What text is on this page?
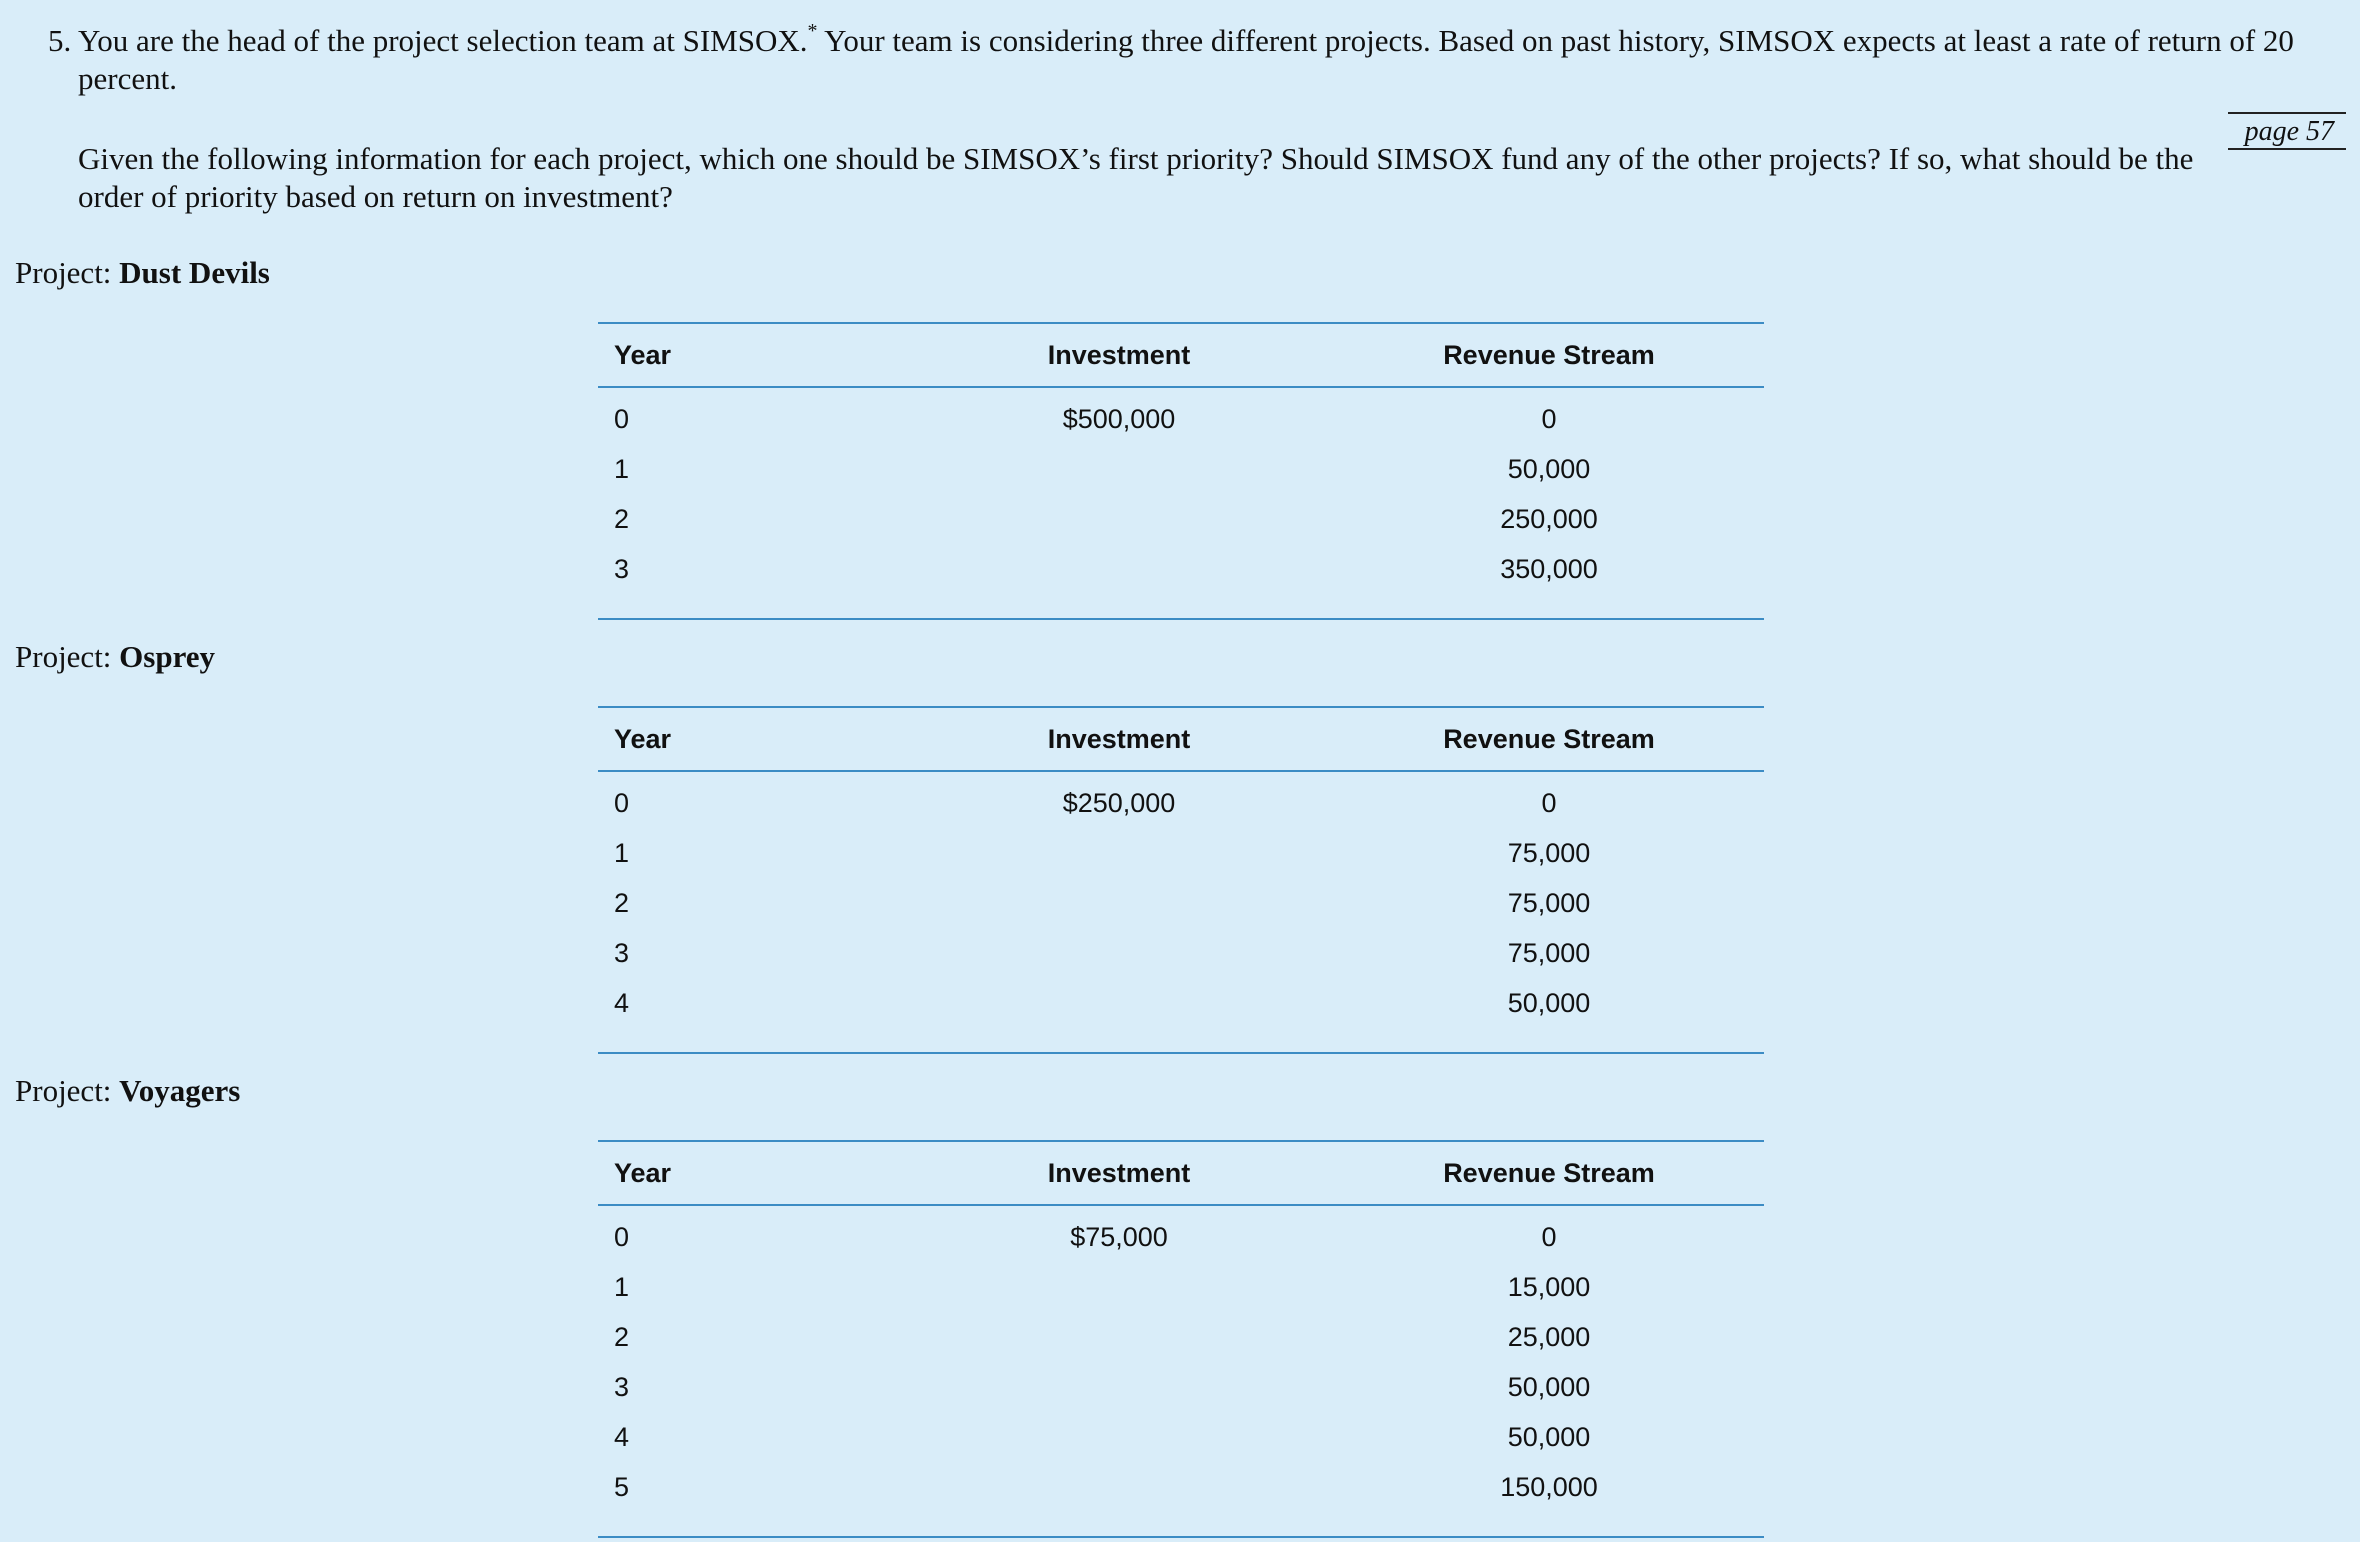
5. You are the head of the project selection team at SIMSOX.* Your team is considering three different projects. Based on past history, SIMSOX expects at least a rate of return of 20 percent.
Given the following information for each project, which one should be SIMSOX’s first priority? Should SIMSOX fund any of the other projects? If so, what should be the order of priority based on return on investment?
page 57
Project: Dust Devils
Year	Investment	Revenue Stream
0	$500,000	0
1		50,000
2		250,000
3		350,000
Project: Osprey
Year	Investment	Revenue Stream
0	$250,000	0
1		75,000
2		75,000
3		75,000
4		50,000
Project: Voyagers
Year	Investment	Revenue Stream
0	$75,000	0
1		15,000
2		25,000
3		50,000
4		50,000
5		150,000
